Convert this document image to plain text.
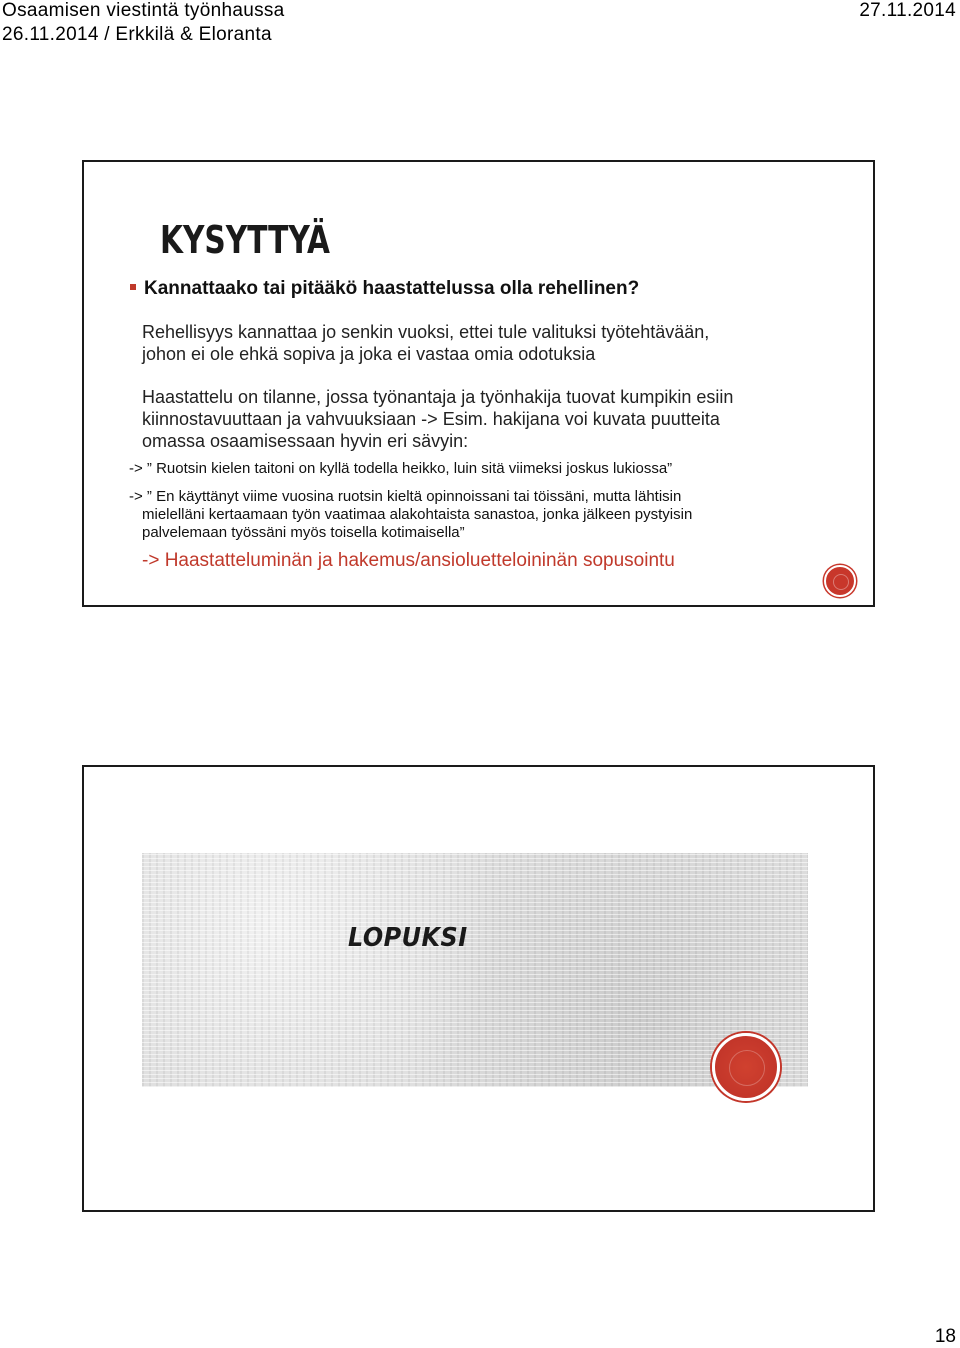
Osaamisen viestintä työnhaussa	27.11.2014
26.11.2014 / Erkkilä & Eloranta
KYSYTTYÄ
Kannattaako tai pitääkö haastattelussa olla rehellinen?
Rehellisyys kannattaa jo senkin vuoksi, ettei tule valituksi työtehtävään,
johon ei ole ehkä sopiva ja joka ei vastaa omia odotuksia
Haastattelu on tilanne, jossa työnantaja ja työnhakija tuovat kumpikin esiin
kiinnostavuuttaan ja vahvuuksiaan -> Esim. hakijana voi kuvata puutteita
omassa osaamisessaan hyvin eri sävyin:
-> ” Ruotsin kielen taitoni on kyllä todella heikko, luin sitä viimeksi joskus lukiossa”
-> ” En käyttänyt viime vuosina ruotsin kieltä opinnoissani tai töissäni, mutta lähtisin
mielelläni kertaamaan työn vaatimaa alakohtaista sanastoa, jonka jälkeen pystyisin
palvelemaan työssäni myös toisella kotimaisella”
-> Haastatteluminän ja hakemus/ansioluetteloininän sopusointu
LOPUKSI
18
